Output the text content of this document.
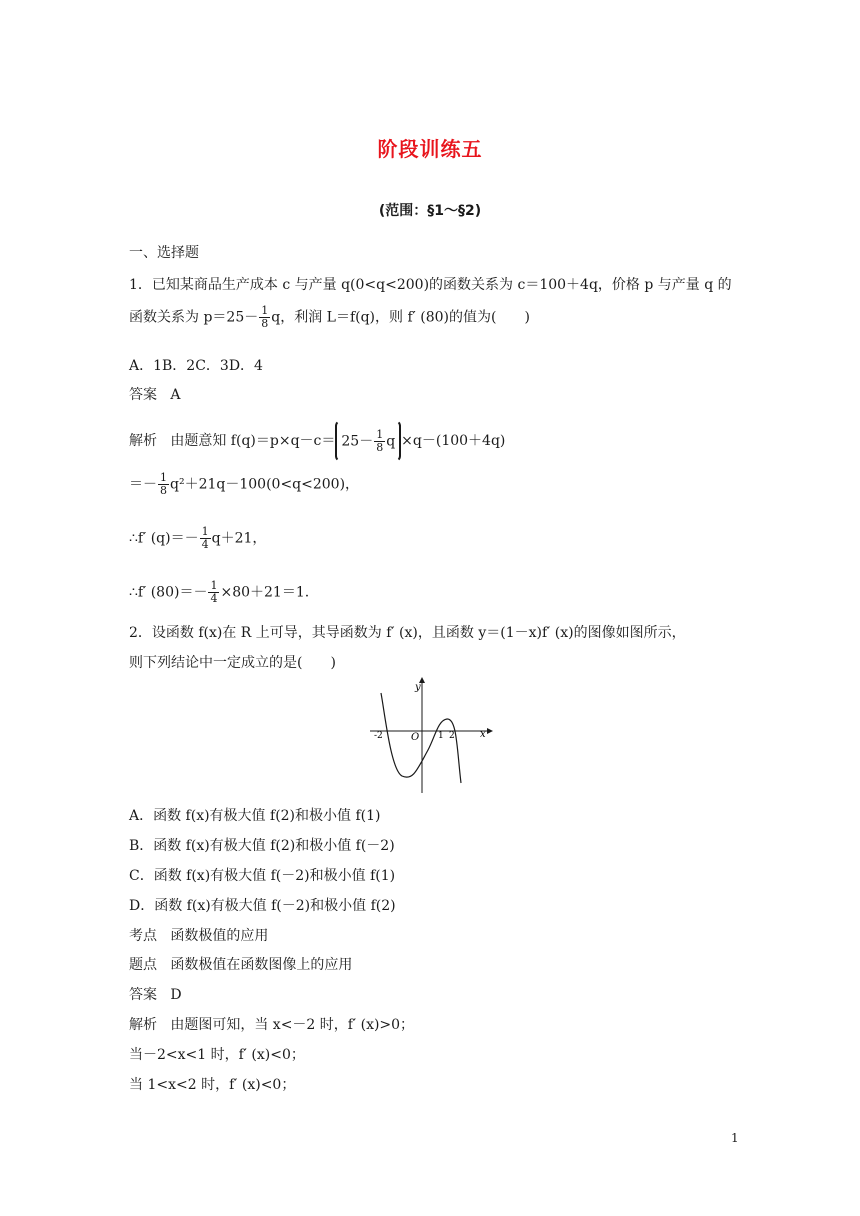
阶段训练五
(范围：§1～§2)
一、选择题
1．已知某商品生产成本 c 与产量 q(0<q<200)的函数关系为 c＝100＋4q，价格 p 与产量 q 的
函数关系为 $p=25- \frac{1}{8}$ q，利润 L＝f(q)，则 f′ (80)的值为(　　)
A．1B．2C．3D．4
答案 A
解析 由题意知 $f(q)=p\times q-c= 25- \frac{1}{8}$ q ×q－(100＋4q)
＝－ $\frac{1}{8} q^2+21q-100(0<q<200)$，
∴f′ $(q)=- \frac{1}{4} q+21$，
∴f′ $(80)=- \frac{1}{4} \times 80+21=1$.
2．设函数 f(x)在 R 上可导，其导函数为 f′ (x)，且函数 y＝(1－x)f′ (x)的图像如图所示，
则下列结论中一定成立的是(　　)
y
x
O
-2	1 2
A．函数 f(x)有极大值 f(2)和极小值 f(1)
B．函数 f(x)有极大值 f(2)和极小值 f(－2)
C．函数 f(x)有极大值 f(－2)和极小值 f(1)
D．函数 f(x)有极大值 f(－2)和极小值 f(2)
考点 函数极值的应用
题点 函数极值在函数图像上的应用
答案 D
解析 由题图可知，当 x<－2 时，f′ (x)>0；
当－2<x<1 时，f′ (x)<0；
当 1<x<2 时，f′ (x)<0；
1
